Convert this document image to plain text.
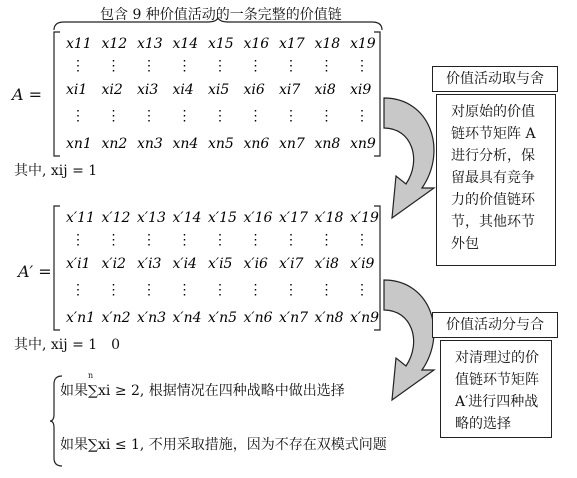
包含 9 种价值活动的一条完整的价值链
A =
x11 x12 x13 x14 x15 x16 x17 x18 x19
xi1 xi2 xi3 xi4 xi5 xi6 xi7 xi8 xi9
xn1 xn2 xn3 xn4 xn5 xn6 xn7 xn8 xn9
⋮ ⋮ ⋮ ⋮ ⋮ ⋮ ⋮ ⋮ ⋮
⋮ ⋮ ⋮ ⋮ ⋮ ⋮ ⋮ ⋮ ⋮
其中, xij = 1
A′ =
x′11 x′12 x′13 x′14 x′15 x′16 x′17 x′18 x′19
x′i1 x′i2 x′i3 x′i4 x′i5 x′i6 x′i7 x′i8 x′i9
x′n1 x′n2 x′n3 x′n4 x′n5 x′n6 x′n7 x′n8 x′n9
⋮ ⋮ ⋮ ⋮ ⋮ ⋮ ⋮ ⋮ ⋮
⋮ ⋮ ⋮ ⋮ ⋮ ⋮ ⋮ ⋮ ⋮
其中, xij = 1　0
如果∑xi ≥ 2, 根据情况在四种战略中做出选择
n
如果∑xi ≤ 1, 不用采取措施，因为不存在双模式问题
价值活动取与舍
对原始的价值
链环节矩阵 A
进行分析，保
留最具有竞争
力的价值链环
节，其他环节
外包
价值活动分与合
对清理过的价
值链环节矩阵
A′进行四种战
略的选择
